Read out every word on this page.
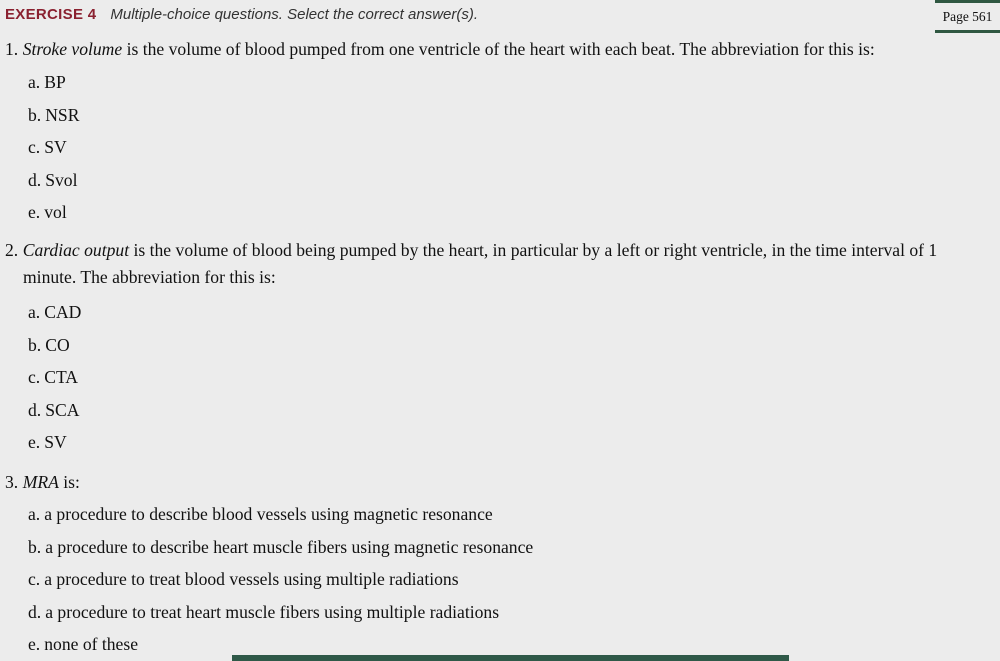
EXERCISE 4 Multiple-choice questions. Select the correct answer(s).	Page 561

1. Stroke volume is the volume of blood pumped from one ventricle of the heart with each beat. The abbreviation for this is:

a. BP
b. NSR
c. SV
d. Svol
e. vol

2. Cardiac output is the volume of blood being pumped by the heart, in particular by a left or right ventricle, in the time interval of 1 minute. The abbreviation for this is:

a. CAD
b. CO
c. CTA
d. SCA
e. SV

3. MRA is:

a. a procedure to describe blood vessels using magnetic resonance
b. a procedure to describe heart muscle fibers using magnetic resonance
c. a procedure to treat blood vessels using multiple radiations
d. a procedure to treat heart muscle fibers using multiple radiations
e. none of these
